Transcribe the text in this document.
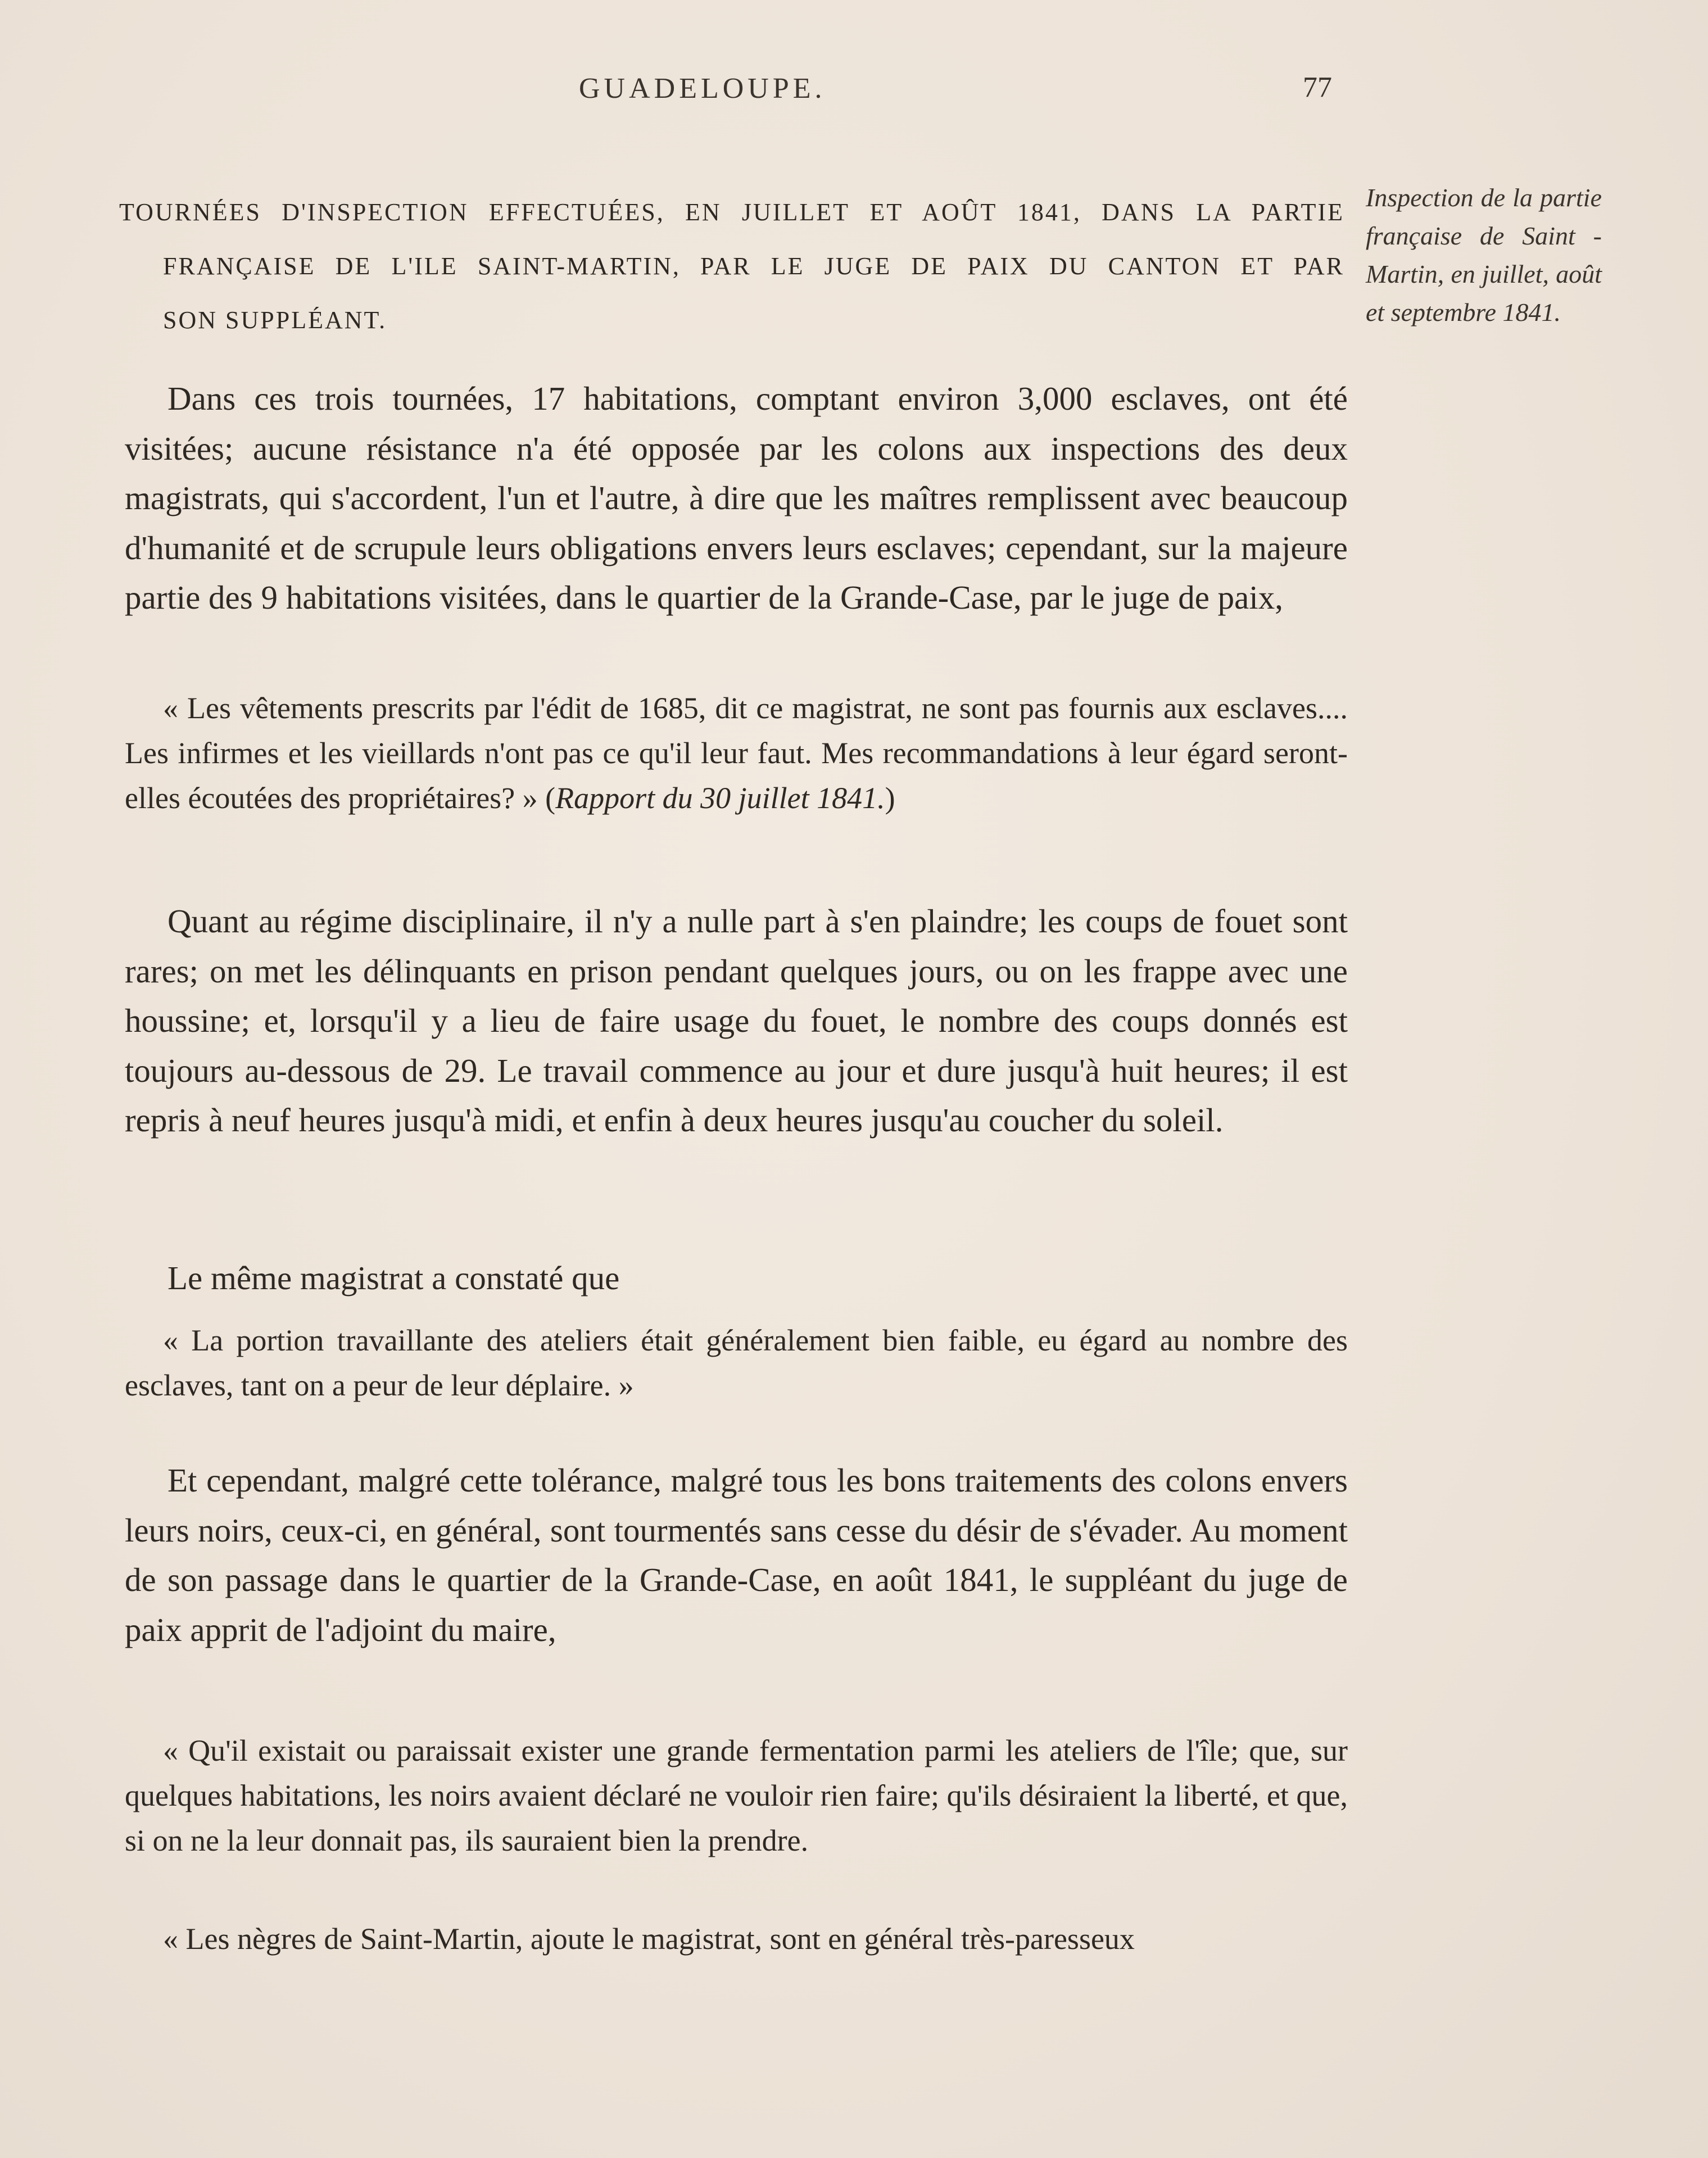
GUADELOUPE.	77
TOURNÉES D'INSPECTION EFFECTUÉES, EN JUILLET ET AOÛT 1841, DANS LA PARTIE
FRANÇAISE DE L'ILE SAINT-MARTIN, PAR LE JUGE DE PAIX DU CANTON ET PAR
SON SUPPLÉANT.
Inspection de la partie française de Saint - Martin, en juillet, août et septembre 1841.
Dans ces trois tournées, 17 habitations, comptant environ 3,000 esclaves, ont été visitées; aucune résistance n'a été opposée par les colons aux inspections des deux magistrats, qui s'accordent, l'un et l'autre, à dire que les maîtres remplissent avec beaucoup d'humanité et de scrupule leurs obligations envers leurs esclaves; cependant, sur la majeure partie des 9 habitations visitées, dans le quartier de la Grande-Case, par le juge de paix,
« Les vêtements prescrits par l'édit de 1685, dit ce magistrat, ne sont pas fournis aux esclaves.... Les infirmes et les vieillards n'ont pas ce qu'il leur faut. Mes recommandations à leur égard seront-elles écoutées des propriétaires? » (Rapport du 30 juillet 1841.)
Quant au régime disciplinaire, il n'y a nulle part à s'en plaindre; les coups de fouet sont rares; on met les délinquants en prison pendant quelques jours, ou on les frappe avec une houssine; et, lorsqu'il y a lieu de faire usage du fouet, le nombre des coups donnés est toujours au-dessous de 29. Le travail commence au jour et dure jusqu'à huit heures; il est repris à neuf heures jusqu'à midi, et enfin à deux heures jusqu'au coucher du soleil.
Le même magistrat a constaté que
« La portion travaillante des ateliers était généralement bien faible, eu égard au nombre des esclaves, tant on a peur de leur déplaire. »
Et cependant, malgré cette tolérance, malgré tous les bons traitements des colons envers leurs noirs, ceux-ci, en général, sont tourmentés sans cesse du désir de s'évader. Au moment de son passage dans le quartier de la Grande-Case, en août 1841, le suppléant du juge de paix apprit de l'adjoint du maire,
« Qu'il existait ou paraissait exister une grande fermentation parmi les ateliers de l'île; que, sur quelques habitations, les noirs avaient déclaré ne vouloir rien faire; qu'ils désiraient la liberté, et que, si on ne la leur donnait pas, ils sauraient bien la prendre.
« Les nègres de Saint-Martin, ajoute le magistrat, sont en général très-paresseux
